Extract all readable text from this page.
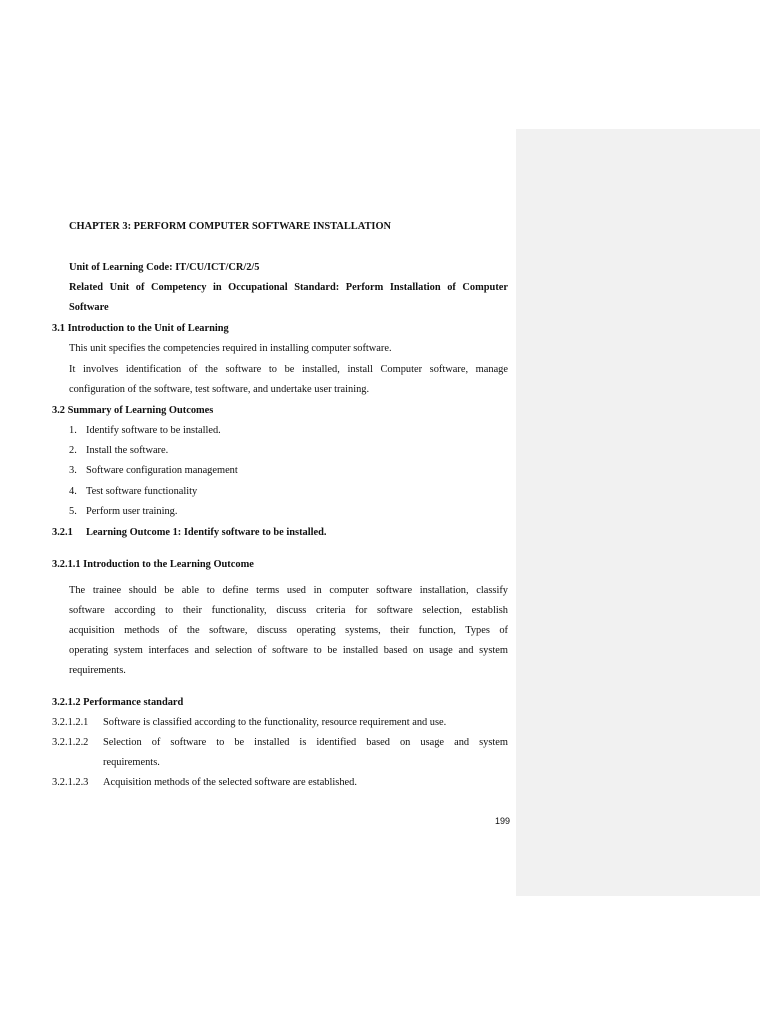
CHAPTER 3: PERFORM COMPUTER SOFTWARE INSTALLATION
Unit of Learning Code: IT/CU/ICT/CR/2/5
Related Unit of Competency in Occupational Standard: Perform Installation of Computer
Software
3.1 Introduction to the Unit of Learning
This unit specifies the competencies required in installing computer software.
It involves identification of the software to be installed, install Computer software, manage
configuration of the software, test software, and undertake user training.
3.2 Summary of Learning Outcomes
1. Identify software to be installed.
2. Install the software.
3. Software configuration management
4. Test software functionality
5. Perform user training.
3.2.1 Learning Outcome 1: Identify software to be installed.
3.2.1.1 Introduction to the Learning Outcome
The trainee should be able to define terms used in computer software installation, classify
software according to their functionality, discuss criteria for software selection, establish
acquisition methods of the software, discuss operating systems, their function, Types of
operating system interfaces and selection of software to be installed based on usage and system
requirements.
3.2.1.2 Performance standard
3.2.1.2.1 Software is classified according to the functionality, resource requirement and use.
3.2.1.2.2 Selection of software to be installed is identified based on usage and system
requirements.
3.2.1.2.3 Acquisition methods of the selected software are established.
199
